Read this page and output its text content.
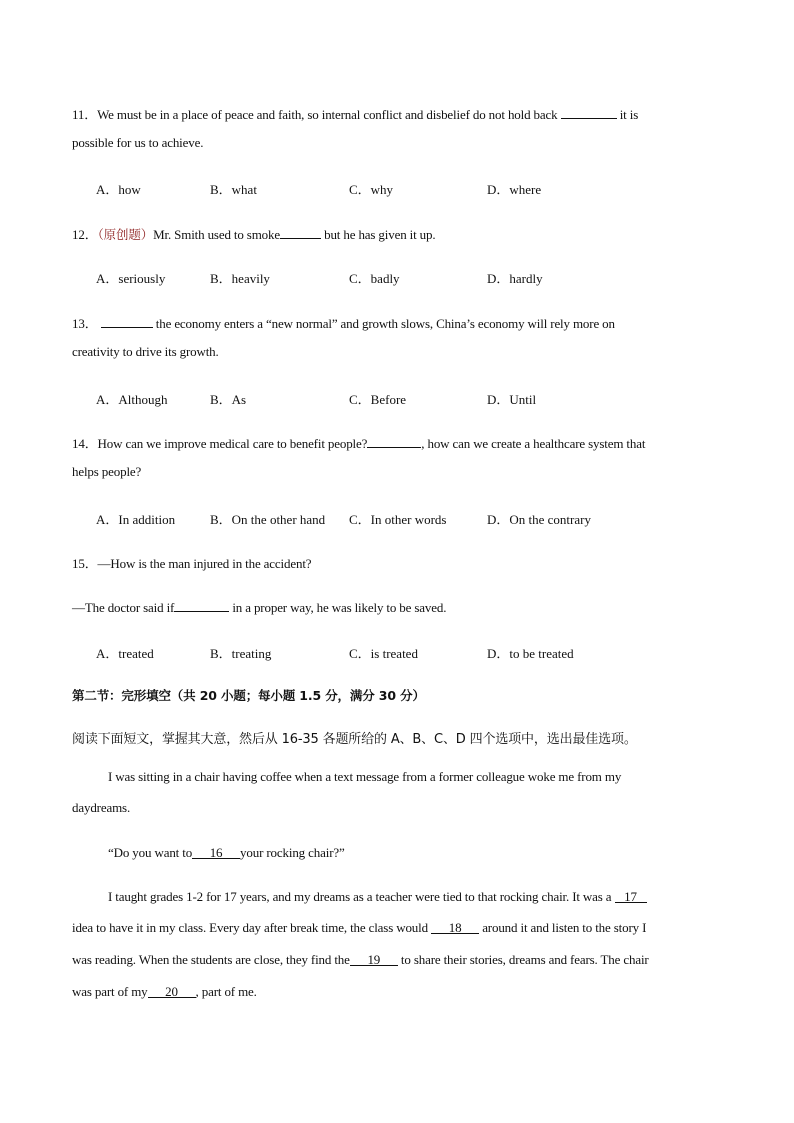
11．We must be in a place of peace and faith, so internal conflict and disbelief do not hold back	it is
possible for us to achieve.
A．how	B．what	C．why	D．where
12．（原创题）Mr. Smith used to smoke	but he has given it up.
A．seriously	B．heavily	C．badly	D．hardly
13．	the economy enters a “new normal” and growth slows, China’s economy will rely more on
creativity to drive its growth.
A．Although	B．As	C．Before	D．Until
14．How can we improve medical care to benefit people?	, how can we create a healthcare system that
helps people?
A．In addition	B．On the other hand C．In other words	D．On the contrary
15．—How is the man injured in the accident?
—The doctor said if	in a proper way, he was likely to be saved.
A．treated	B．treating	C．is treated	D．to be treated
第二节：完形填空（共 20 小题；每小题 1.5 分，满分 30 分）
阅读下面短文，掌握其大意，然后从 16-35 各题所给的 A、B、C、D 四个选项中，选出最佳选项。
I was sitting in a chair having coffee when a text message from a former colleague woke me from my
daydreams.
“Do you want to 16 your rocking chair?”
I taught grades 1-2 for 17 years, and my dreams as a teacher were tied to that rocking chair. It was a 17
idea to have it in my class. Every day after break time, the class would 18 around it and listen to the story I
was reading. When the students are close, they find the 19 to share their stories, dreams and fears. The chair
was part of my 20 , part of me.
